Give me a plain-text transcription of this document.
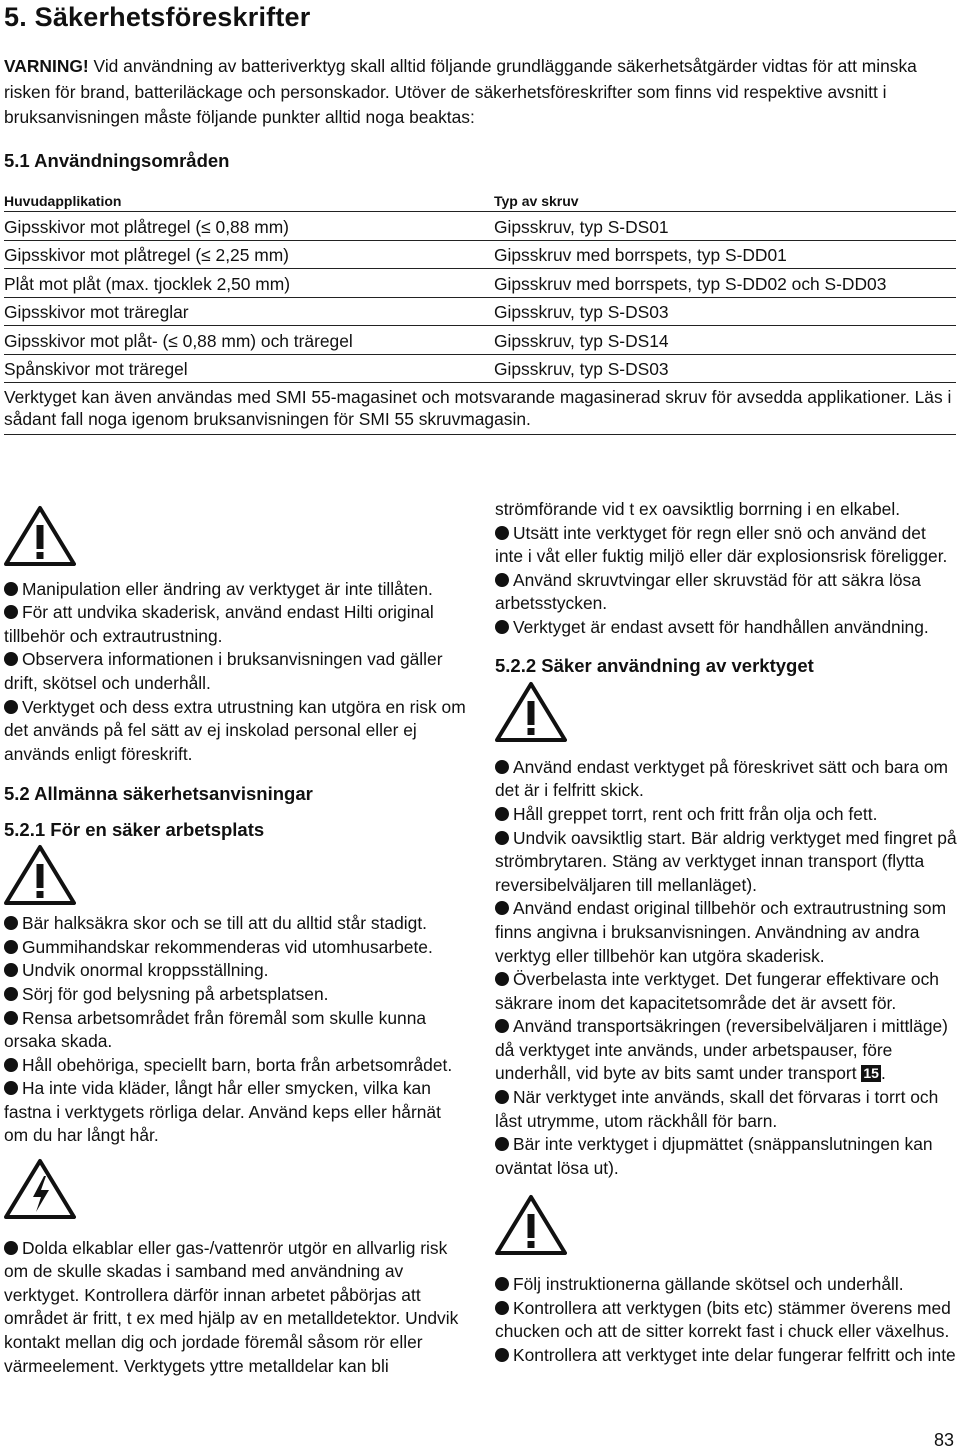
5. Säkerhetsföreskrifter
VARNING! Vid användning av batteriverktyg skall alltid följande grundläggande säkerhetsåtgärder vidtas för att minska risken för brand, batteriläckage och personskador. Utöver de säkerhetsföreskrifter som finns vid respektive avsnitt i bruksanvisningen måste följande punkter alltid noga beaktas:
5.1 Användningsområden
Huvudapplikation	Typ av skruv
Gipsskivor mot plåtregel (≤ 0,88 mm)	Gipsskruv, typ S-DS01
Gipsskivor mot plåtregel (≤ 2,25 mm)	Gipsskruv med borrspets, typ S-DD01
Plåt mot plåt (max. tjocklek 2,50 mm)	Gipsskruv med borrspets, typ S-DD02 och S-DD03
Gipsskivor mot träreglar	Gipsskruv, typ S-DS03
Gipsskivor mot plåt- (≤ 0,88 mm) och träregel	Gipsskruv, typ S-DS14
Spånskivor mot träregel	Gipsskruv, typ S-DS03
Verktyget kan även användas med SMI 55-magasinet och motsvarande magasinerad skruv för avsedda applikationer. Läs i sådant fall noga igenom bruksanvisningen för SMI 55 skruvmagasin.
Manipulation eller ändring av verktyget är inte tillåten.
För att undvika skaderisk, använd endast Hilti original tillbehör och extrautrustning.
Observera informationen i bruksanvisningen vad gäller drift, skötsel och underhåll.
Verktyget och dess extra utrustning kan utgöra en risk om det används på fel sätt av ej inskolad personal eller ej används enligt föreskrift.
5.2 Allmänna säkerhetsanvisningar
5.2.1 För en säker arbetsplats
Bär halksäkra skor och se till att du alltid står stadigt.
Gummihandskar rekommenderas vid utomhusarbete.
Undvik onormal kroppsställning.
Sörj för god belysning på arbetsplatsen.
Rensa arbetsområdet från föremål som skulle kunna orsaka skada.
Håll obehöriga, speciellt barn, borta från arbetsområdet.
Ha inte vida kläder, långt hår eller smycken, vilka kan fastna i verktygets rörliga delar. Använd keps eller hårnät om du har långt hår.
Dolda elkablar eller gas-/vattenrör utgör en allvarlig risk om de skulle skadas i samband med användning av verktyget. Kontrollera därför innan arbetet påbörjas att området är fritt, t ex med hjälp av en metalldetektor. Undvik kontakt mellan dig och jordade föremål såsom rör eller värmeelement. Verktygets yttre metalldelar kan bli
strömförande vid t ex oavsiktlig borrning i en elkabel.
Utsätt inte verktyget för regn eller snö och använd det inte i våt eller fuktig miljö eller där explosionsrisk föreligger.
Använd skruvtvingar eller skruvstäd för att säkra lösa arbetsstycken.
Verktyget är endast avsett för handhållen användning.
5.2.2 Säker användning av verktyget
Använd endast verktyget på föreskrivet sätt och bara om det är i felfritt skick.
Håll greppet torrt, rent och fritt från olja och fett.
Undvik oavsiktlig start. Bär aldrig verktyget med fingret på strömbrytaren. Stäng av verktyget innan transport (flytta reversibelväljaren till mellanläget).
Använd endast original tillbehör och extrautrustning som finns angivna i bruksanvisningen. Användning av andra verktyg eller tillbehör kan utgöra skaderisk.
Överbelasta inte verktyget. Det fungerar effektivare och säkrare inom det kapacitetsområde det är avsett för.
Använd transportsäkringen (reversibelväljaren i mittläge) då verktyget inte används, under arbetspauser, före underhåll, vid byte av bits samt under transport 15 .
När verktyget inte används, skall det förvaras i torrt och låst utrymme, utom räckhåll för barn.
Bär inte verktyget i djupmättet (snäppanslutningen kan oväntat lösa ut).
Följ instruktionerna gällande skötsel och underhåll.
Kontrollera att verktygen (bits etc) stämmer överens med chucken och att de sitter korrekt fast i chuck eller växelhus.
Kontrollera att verktyget inte delar fungerar felfritt och inte
83
